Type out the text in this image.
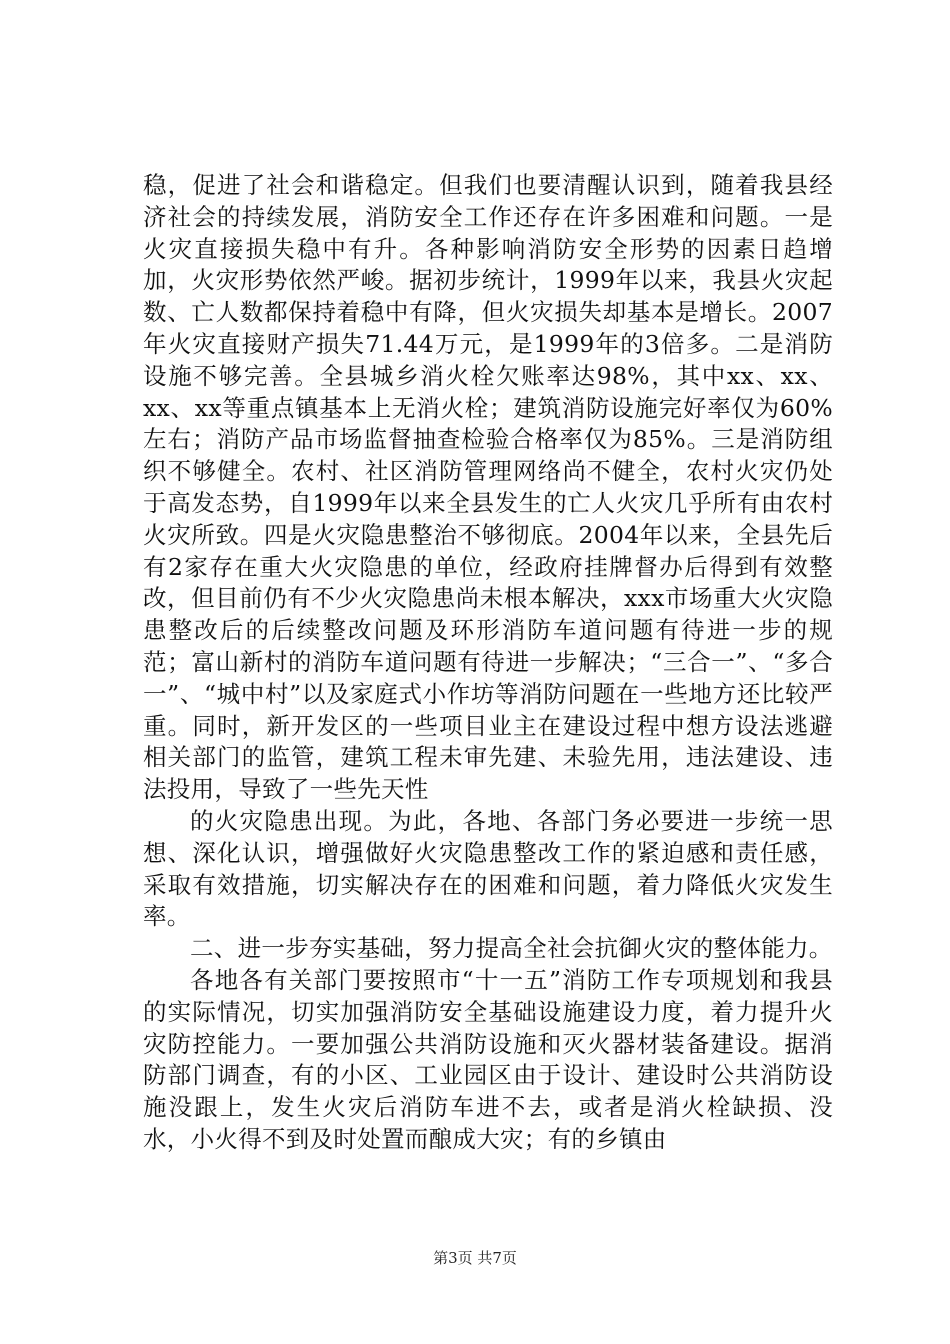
稳，促进了社会和谐稳定。但我们也要清醒认识到，随着我县经济社会的持续发展，消防安全工作还存在许多困难和问题。一是火灾直接损失稳中有升。各种影响消防安全形势的因素日趋增加，火灾形势依然严峻。据初步统计，1999年以来，我县火灾起数、亡人数都保持着稳中有降，但火灾损失却基本是增长。2007年火灾直接财产损失71.44万元，是1999年的3倍多。二是消防设施不够完善。全县城乡消火栓欠账率达98%，其中xx、xx、xx、xx等重点镇基本上无消火栓；建筑消防设施完好率仅为60%左右；消防产品市场监督抽查检验合格率仅为85%。三是消防组织不够健全。农村、社区消防管理网络尚不健全，农村火灾仍处于高发态势，自1999年以来全县发生的亡人火灾几乎所有由农村火灾所致。四是火灾隐患整治不够彻底。2004年以来，全县先后有2家存在重大火灾隐患的单位，经政府挂牌督办后得到有效整改，但目前仍有不少火灾隐患尚未根本解决，xxx市场重大火灾隐患整改后的后续整改问题及环形消防车道问题有待进一步的规范；富山新村的消防车道问题有待进一步解决；“三合一”、“多合一”、“城中村”以及家庭式小作坊等消防问题在一些地方还比较严重。同时，新开发区的一些项目业主在建设过程中想方设法逃避相关部门的监管，建筑工程未审先建、未验先用，违法建设、违法投用，导致了一些先天性

的火灾隐患出现。为此，各地、各部门务必要进一步统一思想、深化认识，增强做好火灾隐患整改工作的紧迫感和责任感，采取有效措施，切实解决存在的困难和问题，着力降低火灾发生率。

二、进一步夯实基础，努力提高全社会抗御火灾的整体能力。

各地各有关部门要按照市“十一五”消防工作专项规划和我县的实际情况，切实加强消防安全基础设施建设力度，着力提升火灾防控能力。一要加强公共消防设施和灭火器材装备建设。据消防部门调查，有的小区、工业园区由于设计、建设时公共消防设施没跟上，发生火灾后消防车进不去，或者是消火栓缺损、没水，小火得不到及时处置而酿成大灾；有的乡镇由

第3页 共7页
